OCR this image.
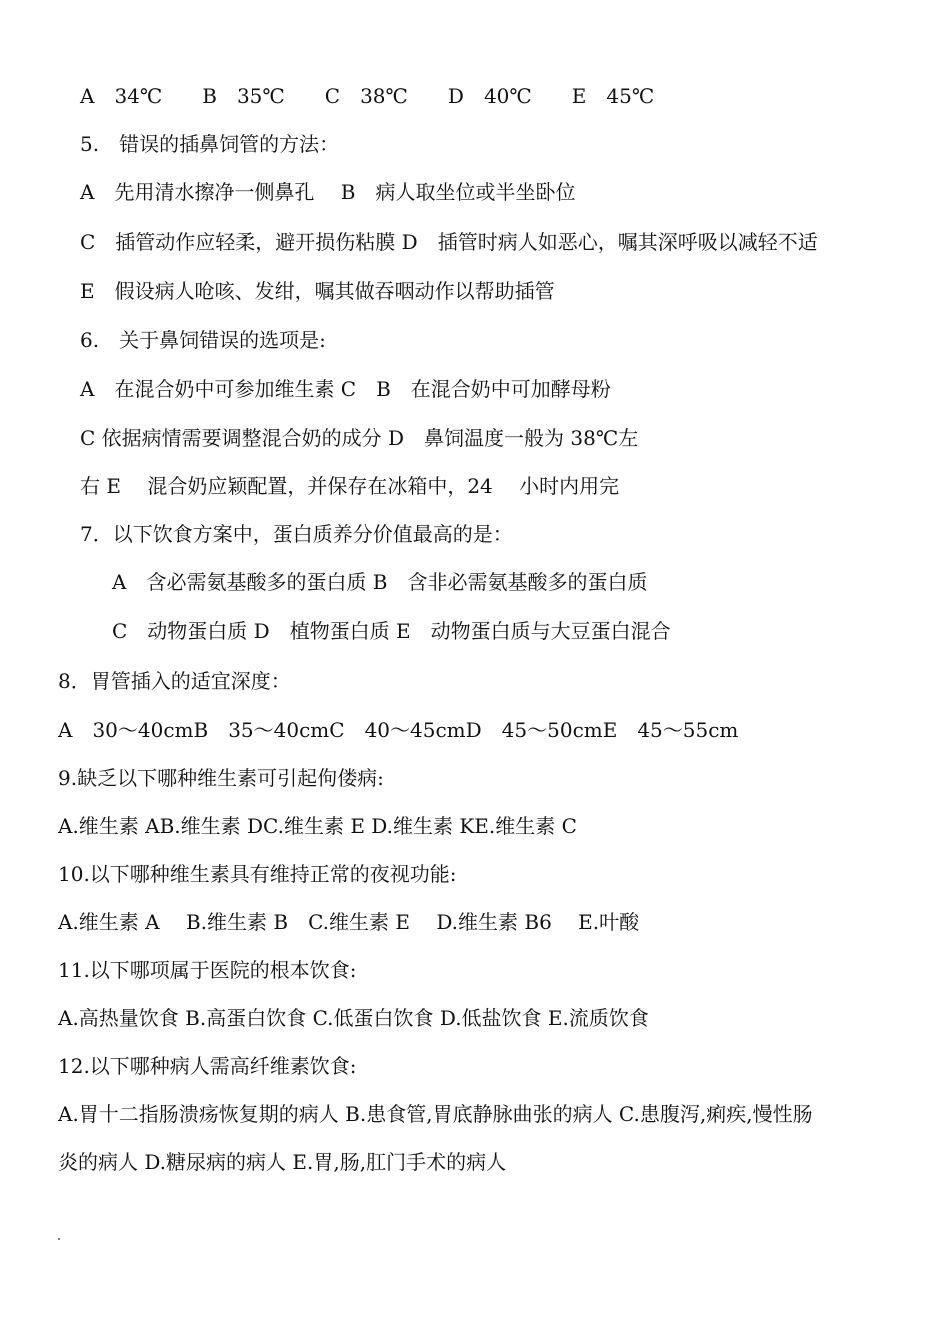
A　34℃　　B　35℃　　C　38℃　　D　40℃　　E　45℃
5.　错误的插鼻饲管的方法：
A　先用清水擦净一侧鼻孔　 B　病人取坐位或半坐卧位
C　插管动作应轻柔，避开损伤粘膜 D　插管时病人如恶心，嘱其深呼吸以减轻不适
E　假设病人呛咳、发绀，嘱其做吞咽动作以帮助插管
6.　关于鼻饲错误的选项是:
A　在混合奶中可参加维生素 C　B　在混合奶中可加酵母粉
C 依据病情需要调整混合奶的成分 D　鼻饲温度一般为 38℃左
右 E　 混合奶应颖配置，并保存在冰箱中，24　 小时内用完
7．以下饮食方案中，蛋白质养分价值最高的是：
A　含必需氨基酸多的蛋白质 B　含非必需氨基酸多的蛋白质
C　动物蛋白质 D　植物蛋白质 E　动物蛋白质与大豆蛋白混合
8．胃管插入的适宜深度：
A　30～40cmB　35～40cmC　40～45cmD　45～50cmE　45～55cm
9.缺乏以下哪种维生素可引起佝偻病:
A.维生素 AB.维生素 DC.维生素 E D.维生素 KE.维生素 C
10.以下哪种维生素具有维持正常的夜视功能:
A.维生素 A　 B.维生素 B　C.维生素 E　 D.维生素 B6　 E.叶酸
11.以下哪项属于医院的根本饮食:
A.高热量饮食 B.高蛋白饮食 C.低蛋白饮食 D.低盐饮食 E.流质饮食
12.以下哪种病人需高纤维素饮食:
A.胃十二指肠溃疡恢复期的病人 B.患食管,胃底静脉曲张的病人 C.患腹泻,痢疾,慢性肠
炎的病人 D.糖尿病的病人 E.胃,肠,肛门手术的病人
